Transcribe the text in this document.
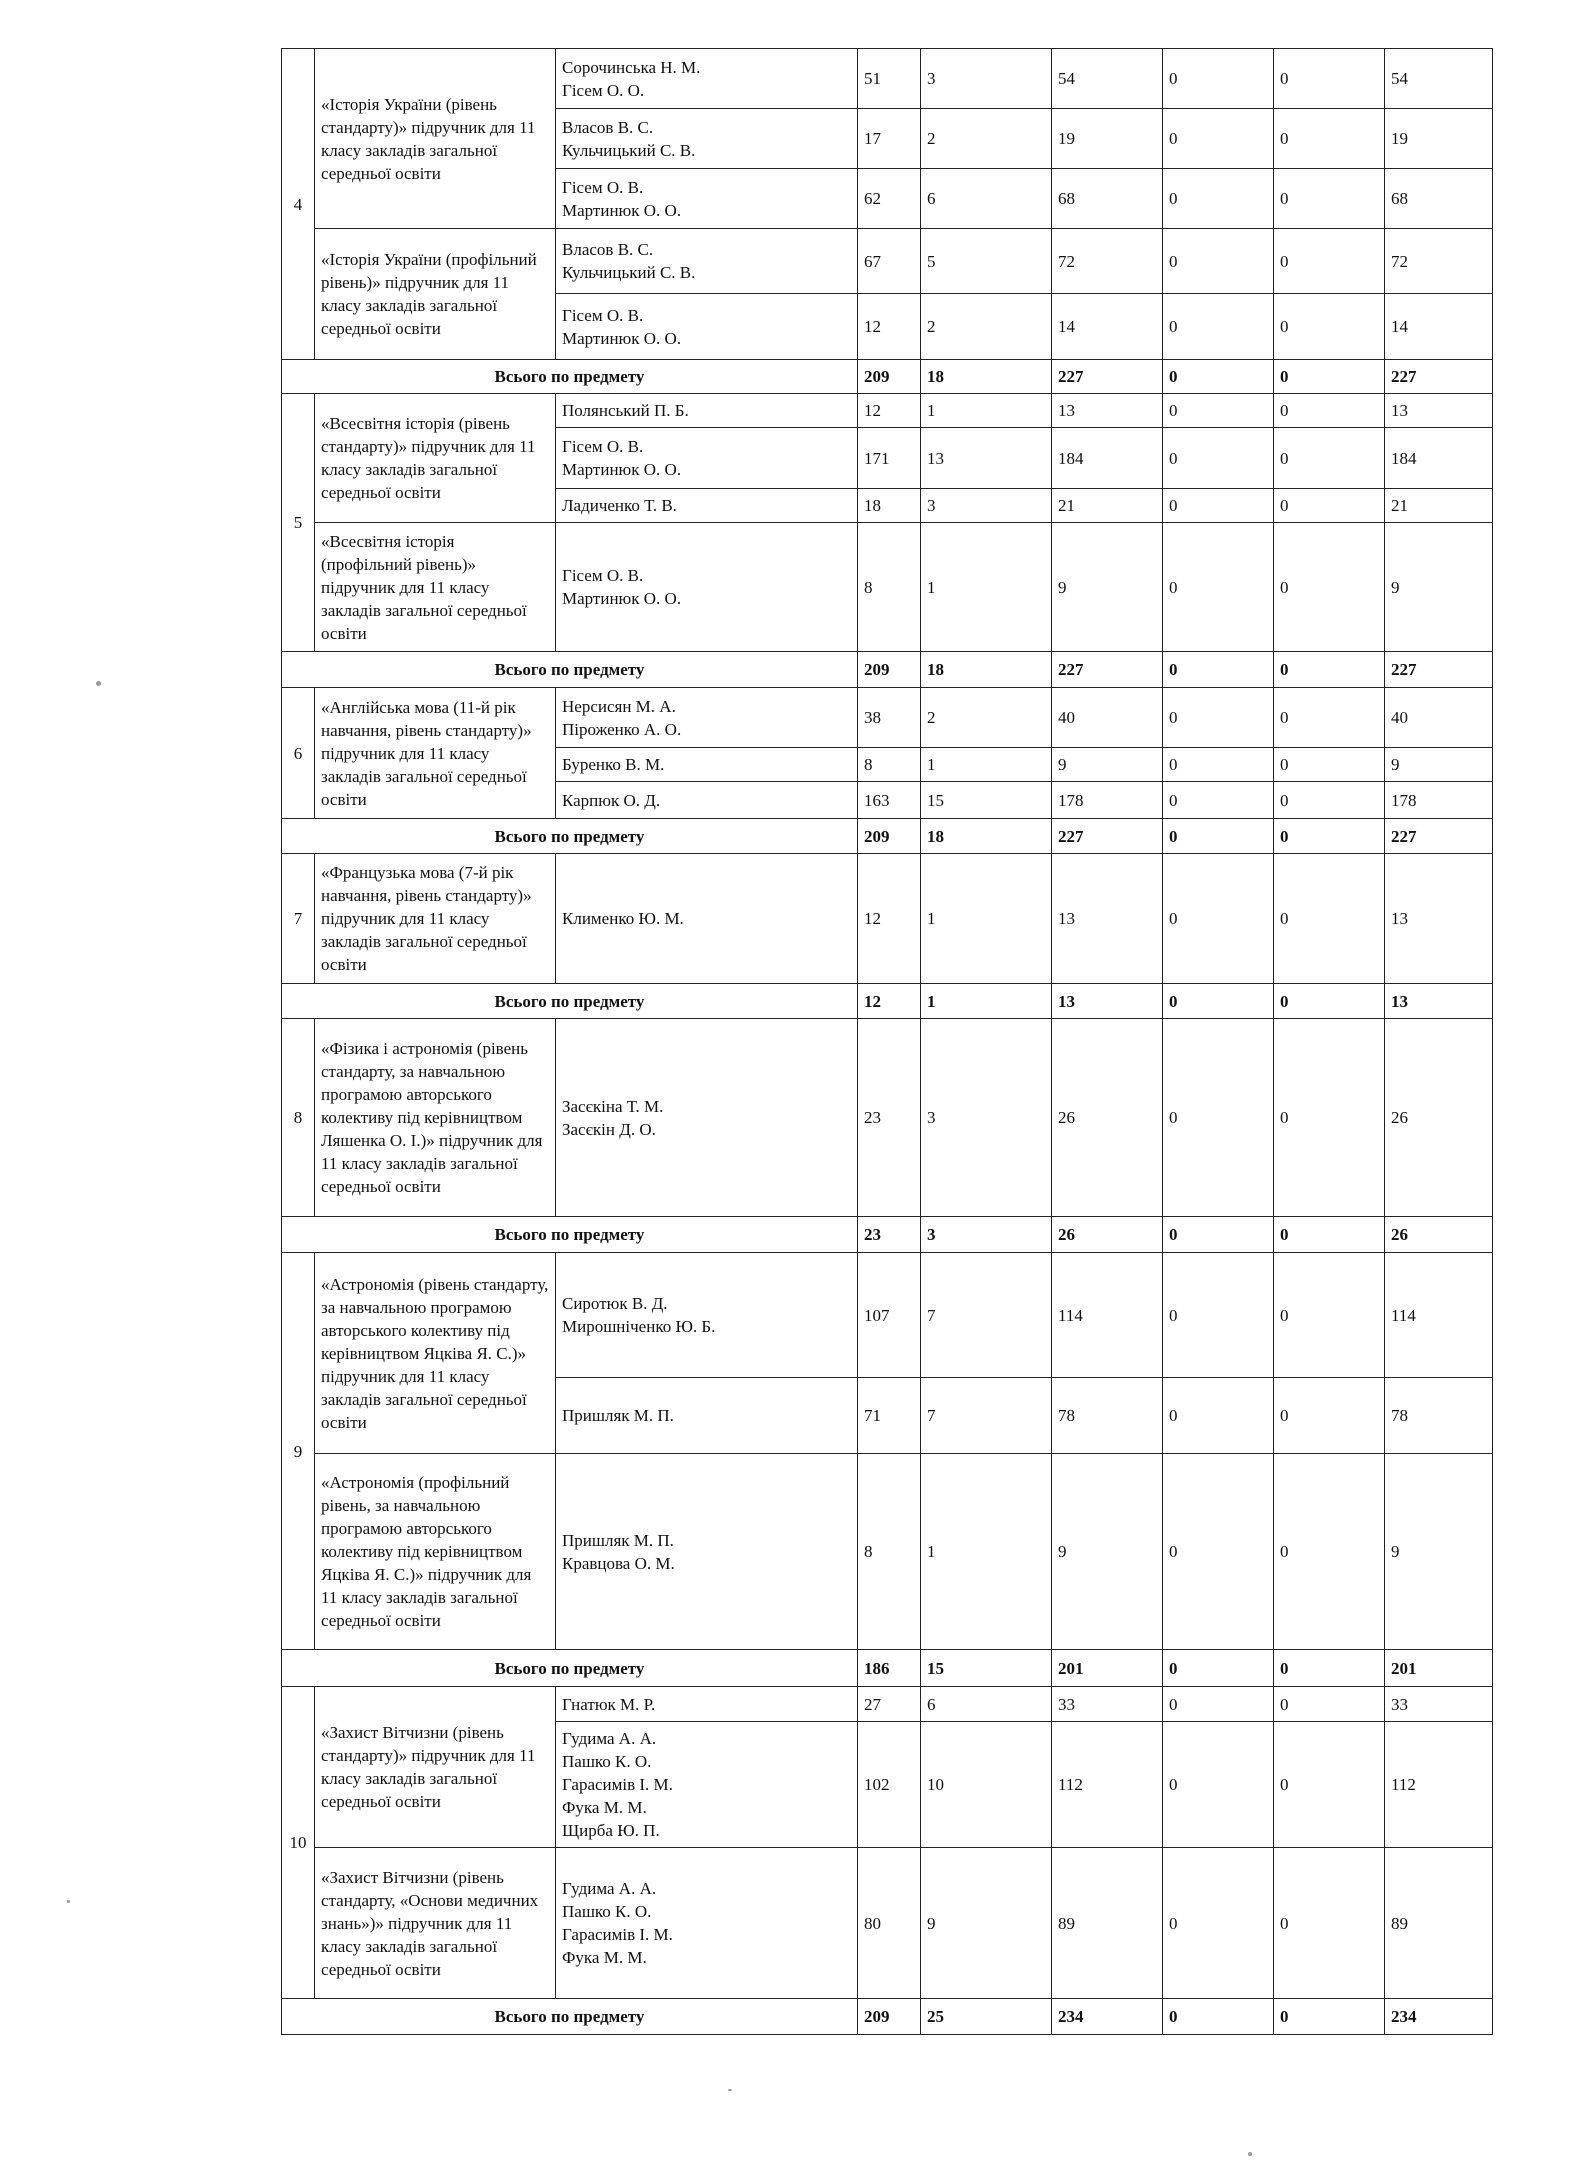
4	«Історія України (рівень стандарту)» підручник для 11 класу закладів загальної середньої освіти	Сорочинська Н. М.
Гісем О. О.	51	3	54	0	0	54

		Власов В. С.
Кульчицький С. В.	17	2	19	0	0	19

		Гісем О. В.
Мартинюк О. О.	62	6	68	0	0	68
	«Історія України (профільний рівень)» підручник для 11 класу закладів загальної середньої освіти	Власов В. С.
Кульчицький С. В.	67	5	72	0	0	72

		Гісем О. В.
Мартинюк О. О.	12	2	14	0	0	14
Всього по предмету			209	18	227	0	0	227
5	«Всесвітня історія (рівень стандарту)» підручник для 11 класу закладів загальної середньої освіти	Полянський П. Б.	12	1	13	0	0	13

		Гісем О. В.
Мартинюк О. О.	171	13	184	0	0	184

		Ладиченко Т. В.	18	3	21	0	0	21
	«Всесвітня історія (профільний рівень)» підручник для 11 класу закладів загальної середньої освіти	Гісем О. В.
Мартинюк О. О.	8	1	9	0	0	9
Всього по предмету			209	18	227	0	0	227
6	«Англійська мова (11-й рік навчання, рівень стандарту)» підручник для 11 класу закладів загальної середньої освіти	Нерсисян М. А.
Піроженко А. О.	38	2	40	0	0	40

		Буренко В. М.	8	1	9	0	0	9

		Карпюк О. Д.	163	15	178	0	0	178
Всього по предмету			209	18	227	0	0	227
7	«Французька мова (7-й рік навчання, рівень стандарту)» підручник для 11 класу закладів загальної середньої освіти	Клименко Ю. М.	12	1	13	0	0	13
Всього по предмету			12	1	13	0	0	13
8	«Фізика і астрономія (рівень стандарту, за навчальною програмою авторського колективу під керівництвом Ляшенка О. І.)» підручник для 11 класу закладів загальної середньої освіти	Засєкіна Т. М.
Засєкін Д. О.	23	3	26	0	0	26
Всього по предмету			23	3	26	0	0	26
9	«Астрономія (рівень стандарту, за навчальною програмою авторського колективу під керівництвом Яцківа Я. С.)» підручник для 11 класу закладів загальної середньої освіти	Сиротюк В. Д.
Мирошніченко Ю. Б.	107	7	114	0	0	114

		Пришляк М. П.	71	7	78	0	0	78
	«Астрономія (профільний рівень, за навчальною програмою авторського колективу під керівництвом Яцківа Я. С.)» підручник для 11 класу закладів загальної середньої освіти	Пришляк М. П.
Кравцова О. М.	8	1	9	0	0	9
Всього по предмету			186	15	201	0	0	201
10	«Захист Вітчизни (рівень стандарту)» підручник для 11 класу закладів загальної середньої освіти	Гнатюк М. Р.	27	6	33	0	0	33

		Гудима А. А.
Пашко К. О.
Гарасимів І. М.
Фука М. М.
Щирба Ю. П.	102	10	112	0	0	112
	«Захист Вітчизни (рівень стандарту, «Основи медичних знань»)» підручник для 11 класу закладів загальної середньої освіти	Гудима А. А.
Пашко К. О.
Гарасимів І. М.
Фука М. М.	80	9	89	0	0	89
Всього по предмету			209	25	234	0	0	234
